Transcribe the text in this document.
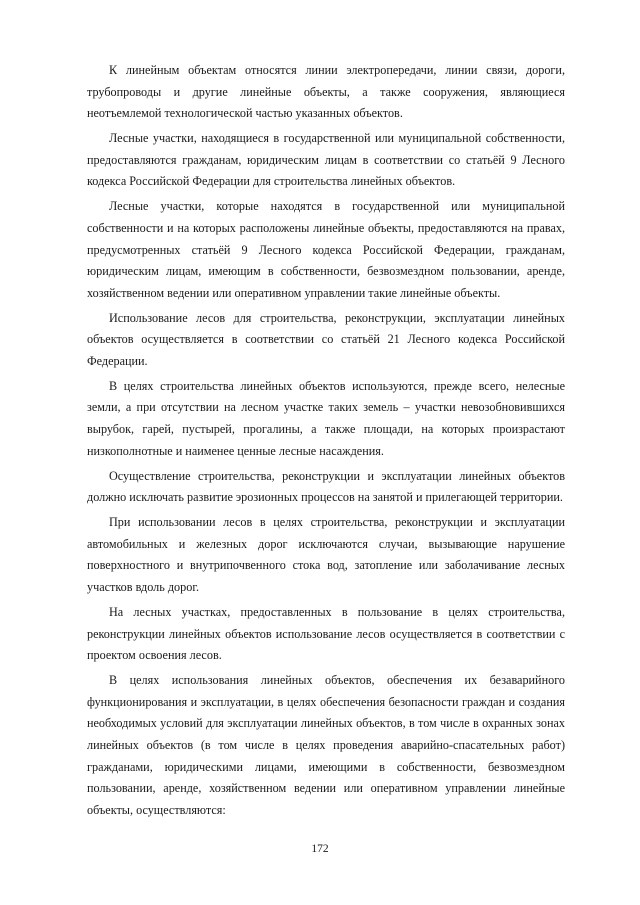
К линейным объектам относятся линии электропередачи, линии связи, дороги, трубопроводы и другие линейные объекты, а также сооружения, являющиеся неотъемлемой технологической частью указанных объектов.

Лесные участки, находящиеся в государственной или муниципальной собственности, предоставляются гражданам, юридическим лицам в соответствии со статьёй 9 Лесного кодекса Российской Федерации для строительства линейных объектов.

Лесные участки, которые находятся в государственной или муниципальной собственности и на которых расположены линейные объекты, предоставляются на правах, предусмотренных статьёй 9 Лесного кодекса Российской Федерации, гражданам, юридическим лицам, имеющим в собственности, безвозмездном пользовании, аренде, хозяйственном ведении или оперативном управлении такие линейные объекты.

Использование лесов для строительства, реконструкции, эксплуатации линейных объектов осуществляется в соответствии со статьёй 21 Лесного кодекса Российской Федерации.

В целях строительства линейных объектов используются, прежде всего, нелесные земли, а при отсутствии на лесном участке таких земель – участки невозобновившихся вырубок, гарей, пустырей, прогалины, а также площади, на которых произрастают низкополнотные и наименее ценные лесные насаждения.

Осуществление строительства, реконструкции и эксплуатации линейных объектов должно исключать развитие эрозионных процессов на занятой и прилегающей территории.

При использовании лесов в целях строительства, реконструкции и эксплуатации автомобильных и железных дорог исключаются случаи, вызывающие нарушение поверхностного и внутрипочвенного стока вод, затопление или заболачивание лесных участков вдоль дорог.

На лесных участках, предоставленных в пользование в целях строительства, реконструкции линейных объектов использование лесов осуществляется в соответствии с проектом освоения лесов.

В целях использования линейных объектов, обеспечения их безаварийного функционирования и эксплуатации, в целях обеспечения безопасности граждан и создания необходимых условий для эксплуатации линейных объектов, в том числе в охранных зонах линейных объектов (в том числе в целях проведения аварийно-спасательных работ) гражданами, юридическими лицами, имеющими в собственности, безвозмездном пользовании, аренде, хозяйственном ведении или оперативном управлении линейные объекты, осуществляются:

172
